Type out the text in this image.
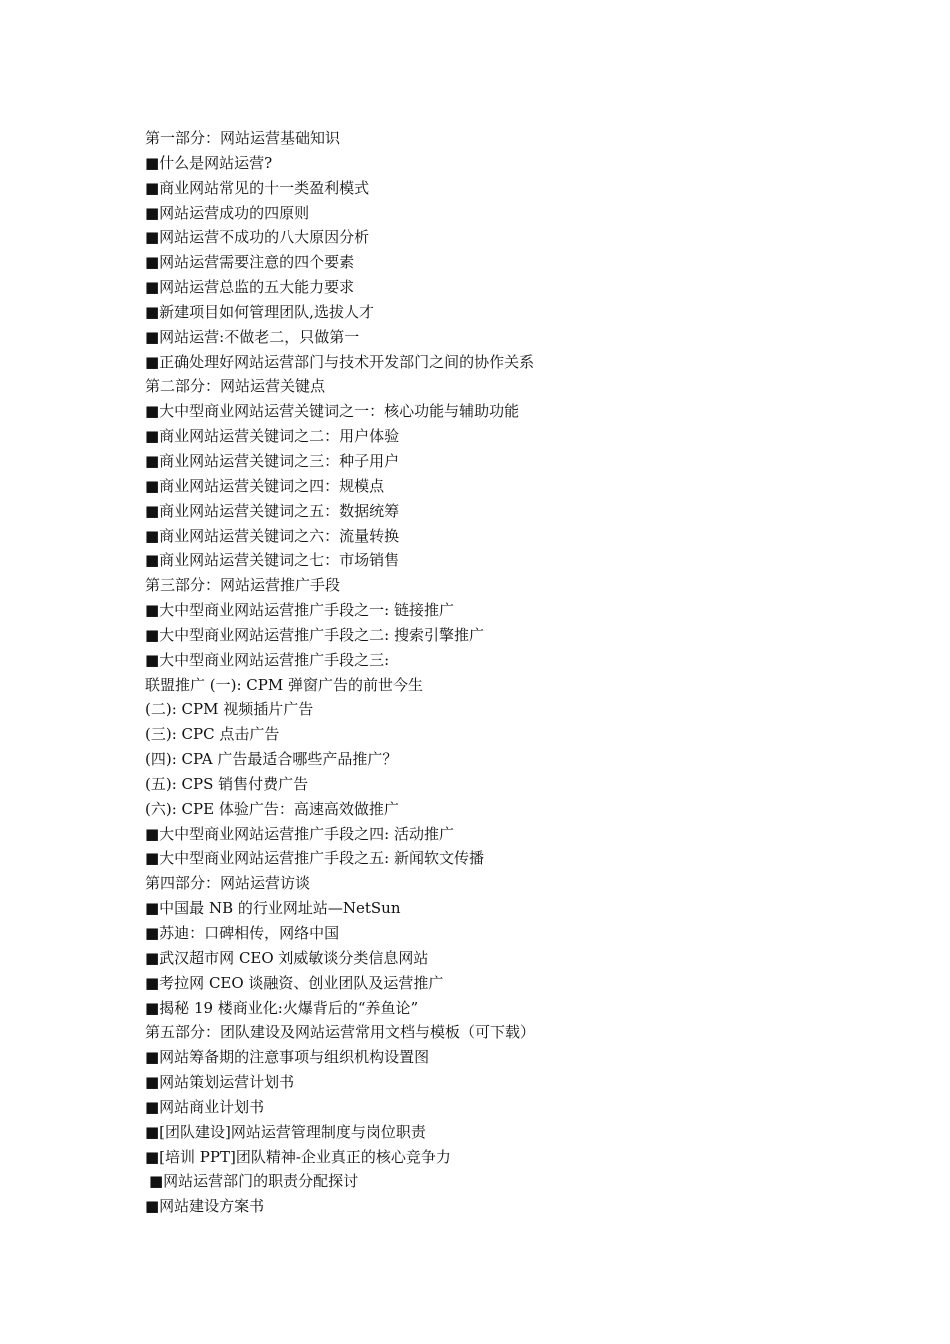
第一部分：网站运营基础知识
■什么是网站运营?
■商业网站常见的十一类盈利模式
■网站运营成功的四原则
■网站运营不成功的八大原因分析
■网站运营需要注意的四个要素
■网站运营总监的五大能力要求
■新建项目如何管理团队,选拔人才
■网站运营:不做老二，只做第一
■正确处理好网站运营部门与技术开发部门之间的协作关系
第二部分：网站运营关键点
■大中型商业网站运营关键词之一：核心功能与辅助功能
■商业网站运营关键词之二：用户体验
■商业网站运营关键词之三：种子用户
■商业网站运营关键词之四：规模点
■商业网站运营关键词之五：数据统筹
■商业网站运营关键词之六：流量转换
■商业网站运营关键词之七：市场销售
第三部分：网站运营推广手段
■大中型商业网站运营推广手段之一: 链接推广
■大中型商业网站运营推广手段之二: 搜索引擎推广
■大中型商业网站运营推广手段之三:
联盟推广 (一): CPM 弹窗广告的前世今生
(二): CPM 视频插片广告
(三): CPC 点击广告
(四): CPA 广告最适合哪些产品推广？
(五): CPS 销售付费广告
(六): CPE 体验广告：高速高效做推广
■大中型商业网站运营推广手段之四: 活动推广
■大中型商业网站运营推广手段之五: 新闻软文传播
第四部分：网站运营访谈
■中国最 NB 的行业网址站—NetSun
■苏迪：口碑相传，网络中国
■武汉超市网 CEO 刘威敏谈分类信息网站
■考拉网 CEO 谈融资、创业团队及运营推广
■揭秘 19 楼商业化:火爆背后的“养鱼论”
第五部分：团队建设及网站运营常用文档与模板（可下载）
■网站筹备期的注意事项与组织机构设置图
■网站策划运营计划书
■网站商业计划书
■[团队建设]网站运营管理制度与岗位职责
■[培训 PPT]团队精神-企业真正的核心竞争力
■网站运营部门的职责分配探讨
■网站建设方案书
